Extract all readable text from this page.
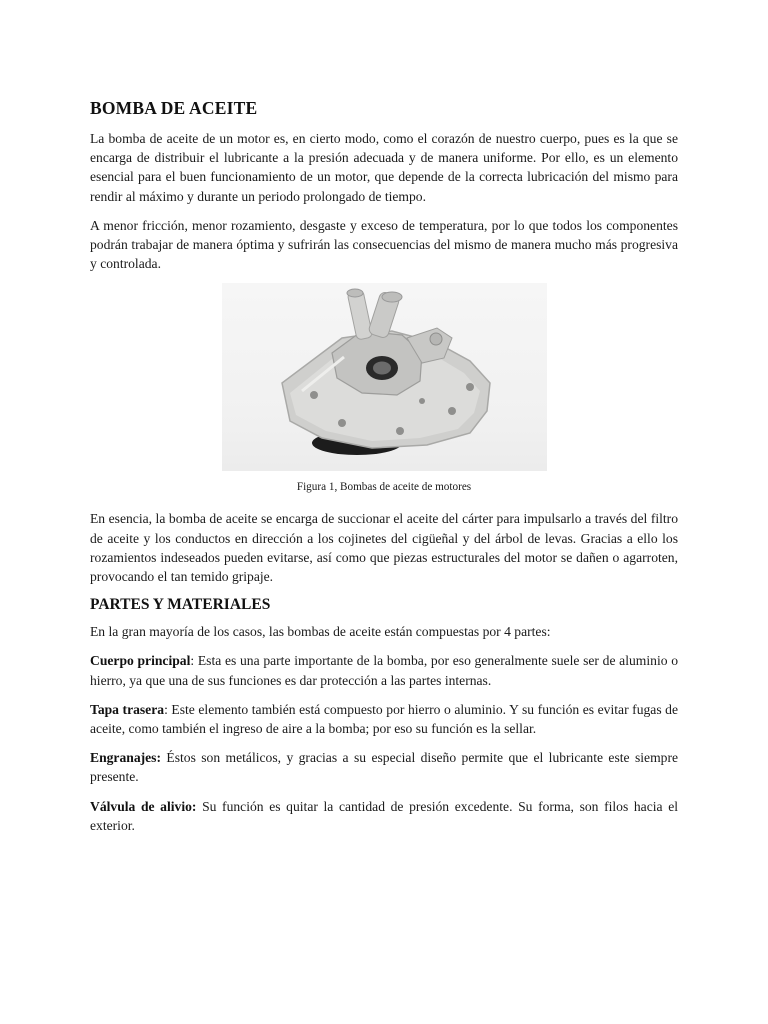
BOMBA DE ACEITE

La bomba de aceite de un motor es, en cierto modo, como el corazón de nuestro cuerpo, pues es la que se encarga de distribuir el lubricante a la presión adecuada y de manera uniforme. Por ello, es un elemento esencial para el buen funcionamiento de un motor, que depende de la correcta lubricación del mismo para rendir al máximo y durante un periodo prolongado de tiempo.

A menor fricción, menor rozamiento, desgaste y exceso de temperatura, por lo que todos los componentes podrán trabajar de manera óptima y sufrirán las consecuencias del mismo de manera mucho más progresiva y controlada.

Figura 1, Bombas de aceite de motores

En esencia, la bomba de aceite se encarga de succionar el aceite del cárter para impulsarlo a través del filtro de aceite y los conductos en dirección a los cojinetes del cigüeñal y del árbol de levas. Gracias a ello los rozamientos indeseados pueden evitarse, así como que piezas estructurales del motor se dañen o agarroten, provocando el tan temido gripaje.

PARTES Y MATERIALES

En la gran mayoría de los casos, las bombas de aceite están compuestas por 4 partes:

Cuerpo principal: Esta es una parte importante de la bomba, por eso generalmente suele ser de aluminio o hierro, ya que una de sus funciones es dar protección a las partes internas.

Tapa trasera: Este elemento también está compuesto por hierro o aluminio. Y su función es evitar fugas de aceite, como también el ingreso de aire a la bomba; por eso su función es la sellar.

Engranajes: Éstos son metálicos, y gracias a su especial diseño permite que el lubricante este siempre presente.

Válvula de alivio: Su función es quitar la cantidad de presión excedente. Su forma, son filos hacia el exterior.
